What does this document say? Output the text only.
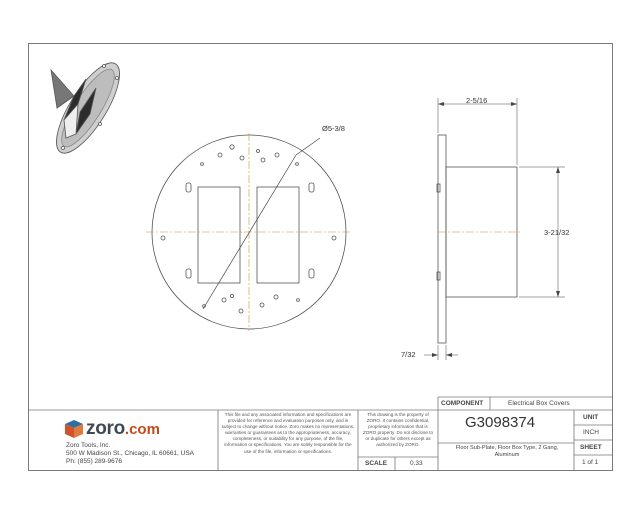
Ø5-3/8
2-5/16
3-21/32
7/32
COMPONENT	Electrical Box Covers
G3098374
Floor Sub-Plate, Floor Box Type, 2 Gang, Aluminum
UNIT
INCH
SHEET
1 of 1
SCALE	0.33
This drawing is the property of ZORO. It contains confidential, proprietary information that is ZORO property. Do not disclose to or duplicate for others except as authorized by ZORO.
This file and any associated information and specifications are provided for reference and evaluation purposes only, and is subject to change without notice. Zoro makes no representations, warranties or guarantees as to the appropriateness, accuracy, completeness, or suitability for any purpose, of the file, information or specifications. You are solely responsible for the use of the file, information or specifications.
zoro .com
Zoro Tools, Inc.
500 W Madison St., Chicago, IL 60661, USA
Ph: (855) 289-9676
